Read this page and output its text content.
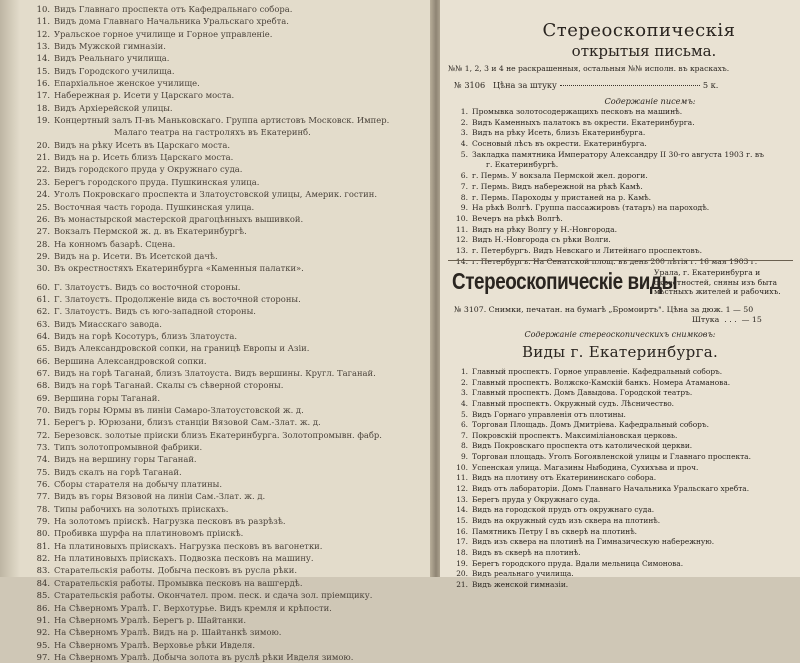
10. Видъ Главнаго проспекта отъ Кафедральнаго собора.
11. Видъ дома Главнаго Начальника Уральскаго хребта.
12. Уральское горное училище и Горное управленіе.
13. Видъ Мужской гимназіи.
14. Видъ Реальнаго училища.
15. Видъ Городского училища.
16. Епархіальное женское училище.
17. Набережная р. Исети у Царскаго моста.
18. Видъ Архіерейской улицы.
19. Концертный залъ П-въ Маньковскаго. Группа артистовъ Московск. Импер.
Малаго театра на гастроляхъ въ Екатеринб.
20. Видъ на рѣку Исеть въ Царскаго моста.
21. Видъ на р. Исеть близъ Царскаго моста.
22. Видъ городского пруда у Окружнаго суда.
23. Берегъ городского пруда. Пушкинская улица.
24. Уголъ Покровскаго проспекта и Златоустовской улицы, Америк. гостин.
25. Восточная часть города. Пушкинская улица.
26. Въ монастырской мастерской драгоцѣнныхъ вышивкой.
27. Вокзалъ Пермской ж. д. въ Екатеринбургѣ.
28. На конномъ базарѣ. Сцена.
29. Видъ на р. Исети. Въ Исетской дачѣ.
30. Въ окрестностяхъ Екатеринбурга «Каменныя палатки».
60. Г. Златоустъ. Видъ со восточной стороны.
61. Г. Златоустъ. Продолженіе вида съ восточной стороны.
62. Г. Златоустъ. Видъ съ юго-западной стороны.
63. Видъ Миасскаго завода.
64. Видъ на горѣ Косотуръ, близъ Златоуста.
65. Видъ Александровской сопки, на границѣ Европы и Азіи.
66. Вершина Александровской сопки.
67. Видъ на горѣ Таганай, близъ Златоуста. Видъ вершины. Кругл. Таганай.
68. Видъ на горѣ Таганай. Скалы съ сѣверной стороны.
69. Вершина горы Таганай.
70. Видъ горы Юрмы въ линіи Самаро-Златоустовской ж. д.
71. Берегъ р. Юрюзани, близъ станціи Вязовой Сам.-Злат. ж. д.
72. Березовск. золотые пріиски близъ Екатеринбурга. Золотопромывн. фабр.
73. Типъ золотопромывной фабрики.
74. Видъ на вершину горы Таганай.
75. Видъ скалъ на горѣ Таганай.
76. Сборы старателя на добычу платины.
77. Видъ въ горы Вязовой на линіи Сам.-Злат. ж. д.
78. Типы рабочихъ на золотыхъ пріискахъ.
79. На золотомъ пріискѣ. Нагрузка песковъ въ разрѣзѣ.
80. Пробивка шурфа на платиновомъ пріискѣ.
81. На платиновыхъ пріискахъ. Нагрузка песковъ въ вагонетки.
82. На платиновыхъ пріискахъ. Подвозка песковъ на машину.
83. Старательскія работы. Добыча песковъ въ русла рѣки.
84. Старательскія работы. Промывка песковъ на вашгердѣ.
85. Старательскія работы. Окончател. пром. песк. и сдача зол. пріемщику.
86. На Сѣверномъ Уралѣ. Г. Верхотурье. Видъ кремля и крѣпости.
91. На Сѣверномъ Уралѣ. Берегъ р. Шайтанки.
92. На Сѣверномъ Уралѣ. Видъ на р. Шайтанкѣ зимою.
95. На Сѣверномъ Уралѣ. Верховье рѣки Ивделя.
97. На Сѣверномъ Уралѣ. Добыча золота въ руслѣ рѣки Ивделя зимою.
Стереоскопическія
открытыя письма.
№№ 1, 2, 3 и 4 не раскрашенныя, остальныя №№ исполн. въ краскахъ.
№ 3106 Цѣна за штуку	5 к.
Содержаніе писемъ:
1. Промывка золотосодержащихъ песковъ на машинѣ.
2. Видъ Каменныхъ палатокъ въ окрести. Екатеринбурга.
3. Видъ на рѣку Исеть, близъ Екатеринбурга.
4. Сосновый лѣсъ въ окрести. Екатеринбурга.
5. Закладка памятника Императору Александру II 30-го августа 1903 г. въ
г. Екатеринбургѣ.
6. г. Пермь. У вокзала Пермской жел. дороги.
7. г. Пермь. Видъ набережной на рѣкѣ Камѣ.
8. г. Пермь. Пароходы у пристаней на р. Камѣ.
9. На рѣкѣ Волгѣ. Группа пассажировъ (татаръ) на пароходѣ.
10. Вечеръ на рѣкѣ Волгѣ.
11. Видъ на рѣку Волгу у Н.-Новгорода.
12. Видъ Н.-Новгорода съ рѣки Волги.
13. г. Петербургъ. Видъ Невскаго и Литейнаго проспектовъ.
14. г. Петербургъ. На Сенатской площ. въ день 200 лѣтія г. 16 мая 1903 г.
Стереоскопическіе виды
Урала, г. Екатеринбурга и окрестностей, сняны изъ быта мѣстныхъ жителей и рабочихъ.
№ 3107. Снимки, печатан. на бумагѣ „Бромоиртъ". Цѣна за дюж. 1 — 50
Штука  . . .  — 15
Содержаніе стереоскопическихъ снимковъ:
Виды г. Екатеринбурга.
1. Главный проспектъ. Горное управленіе. Кафедральный соборъ.
2. Главный проспектъ. Волжско-Камскій банкъ. Номера Атаманова.
3. Главный проспектъ. Домъ Давыдова. Городской театръ.
4. Главный проспектъ. Окружный судъ. Лѣсничество.
5. Видъ Горнаго управленія отъ плотины.
6. Торговая Площадь. Домъ Дмитріева. Кафедральный соборъ.
7. Покровскій проспектъ. Максиміліановская церковь.
8. Видъ Покровскаго проспекта отъ католической церкви.
9. Торговая площадь. Уголъ Богоявленской улицы и Главнаго проспекта.
10. Успенская улица. Магазины Ныбодина, Сухихъва и проч.
11. Видъ на плотину отъ Екатерининскаго собора.
12. Видъ отъ лабораторіи. Домъ Главнаго Начальника Уральскаго хребта.
13. Берегъ пруда у Окружнаго суда.
14. Видъ на городской прудъ отъ окружнаго суда.
15. Видъ на окружный судъ изъ сквера на плотинѣ.
16. Памятникъ Петру I въ скверѣ на плотинѣ.
17. Видъ изъ сквера на плотинѣ на Гимназическую набережную.
18. Видъ въ скверѣ на плотинѣ.
19. Берегъ городского пруда. Вдали мельница Симонова.
20. Видъ реальнаго училища.
21. Видъ женской гимназіи.
